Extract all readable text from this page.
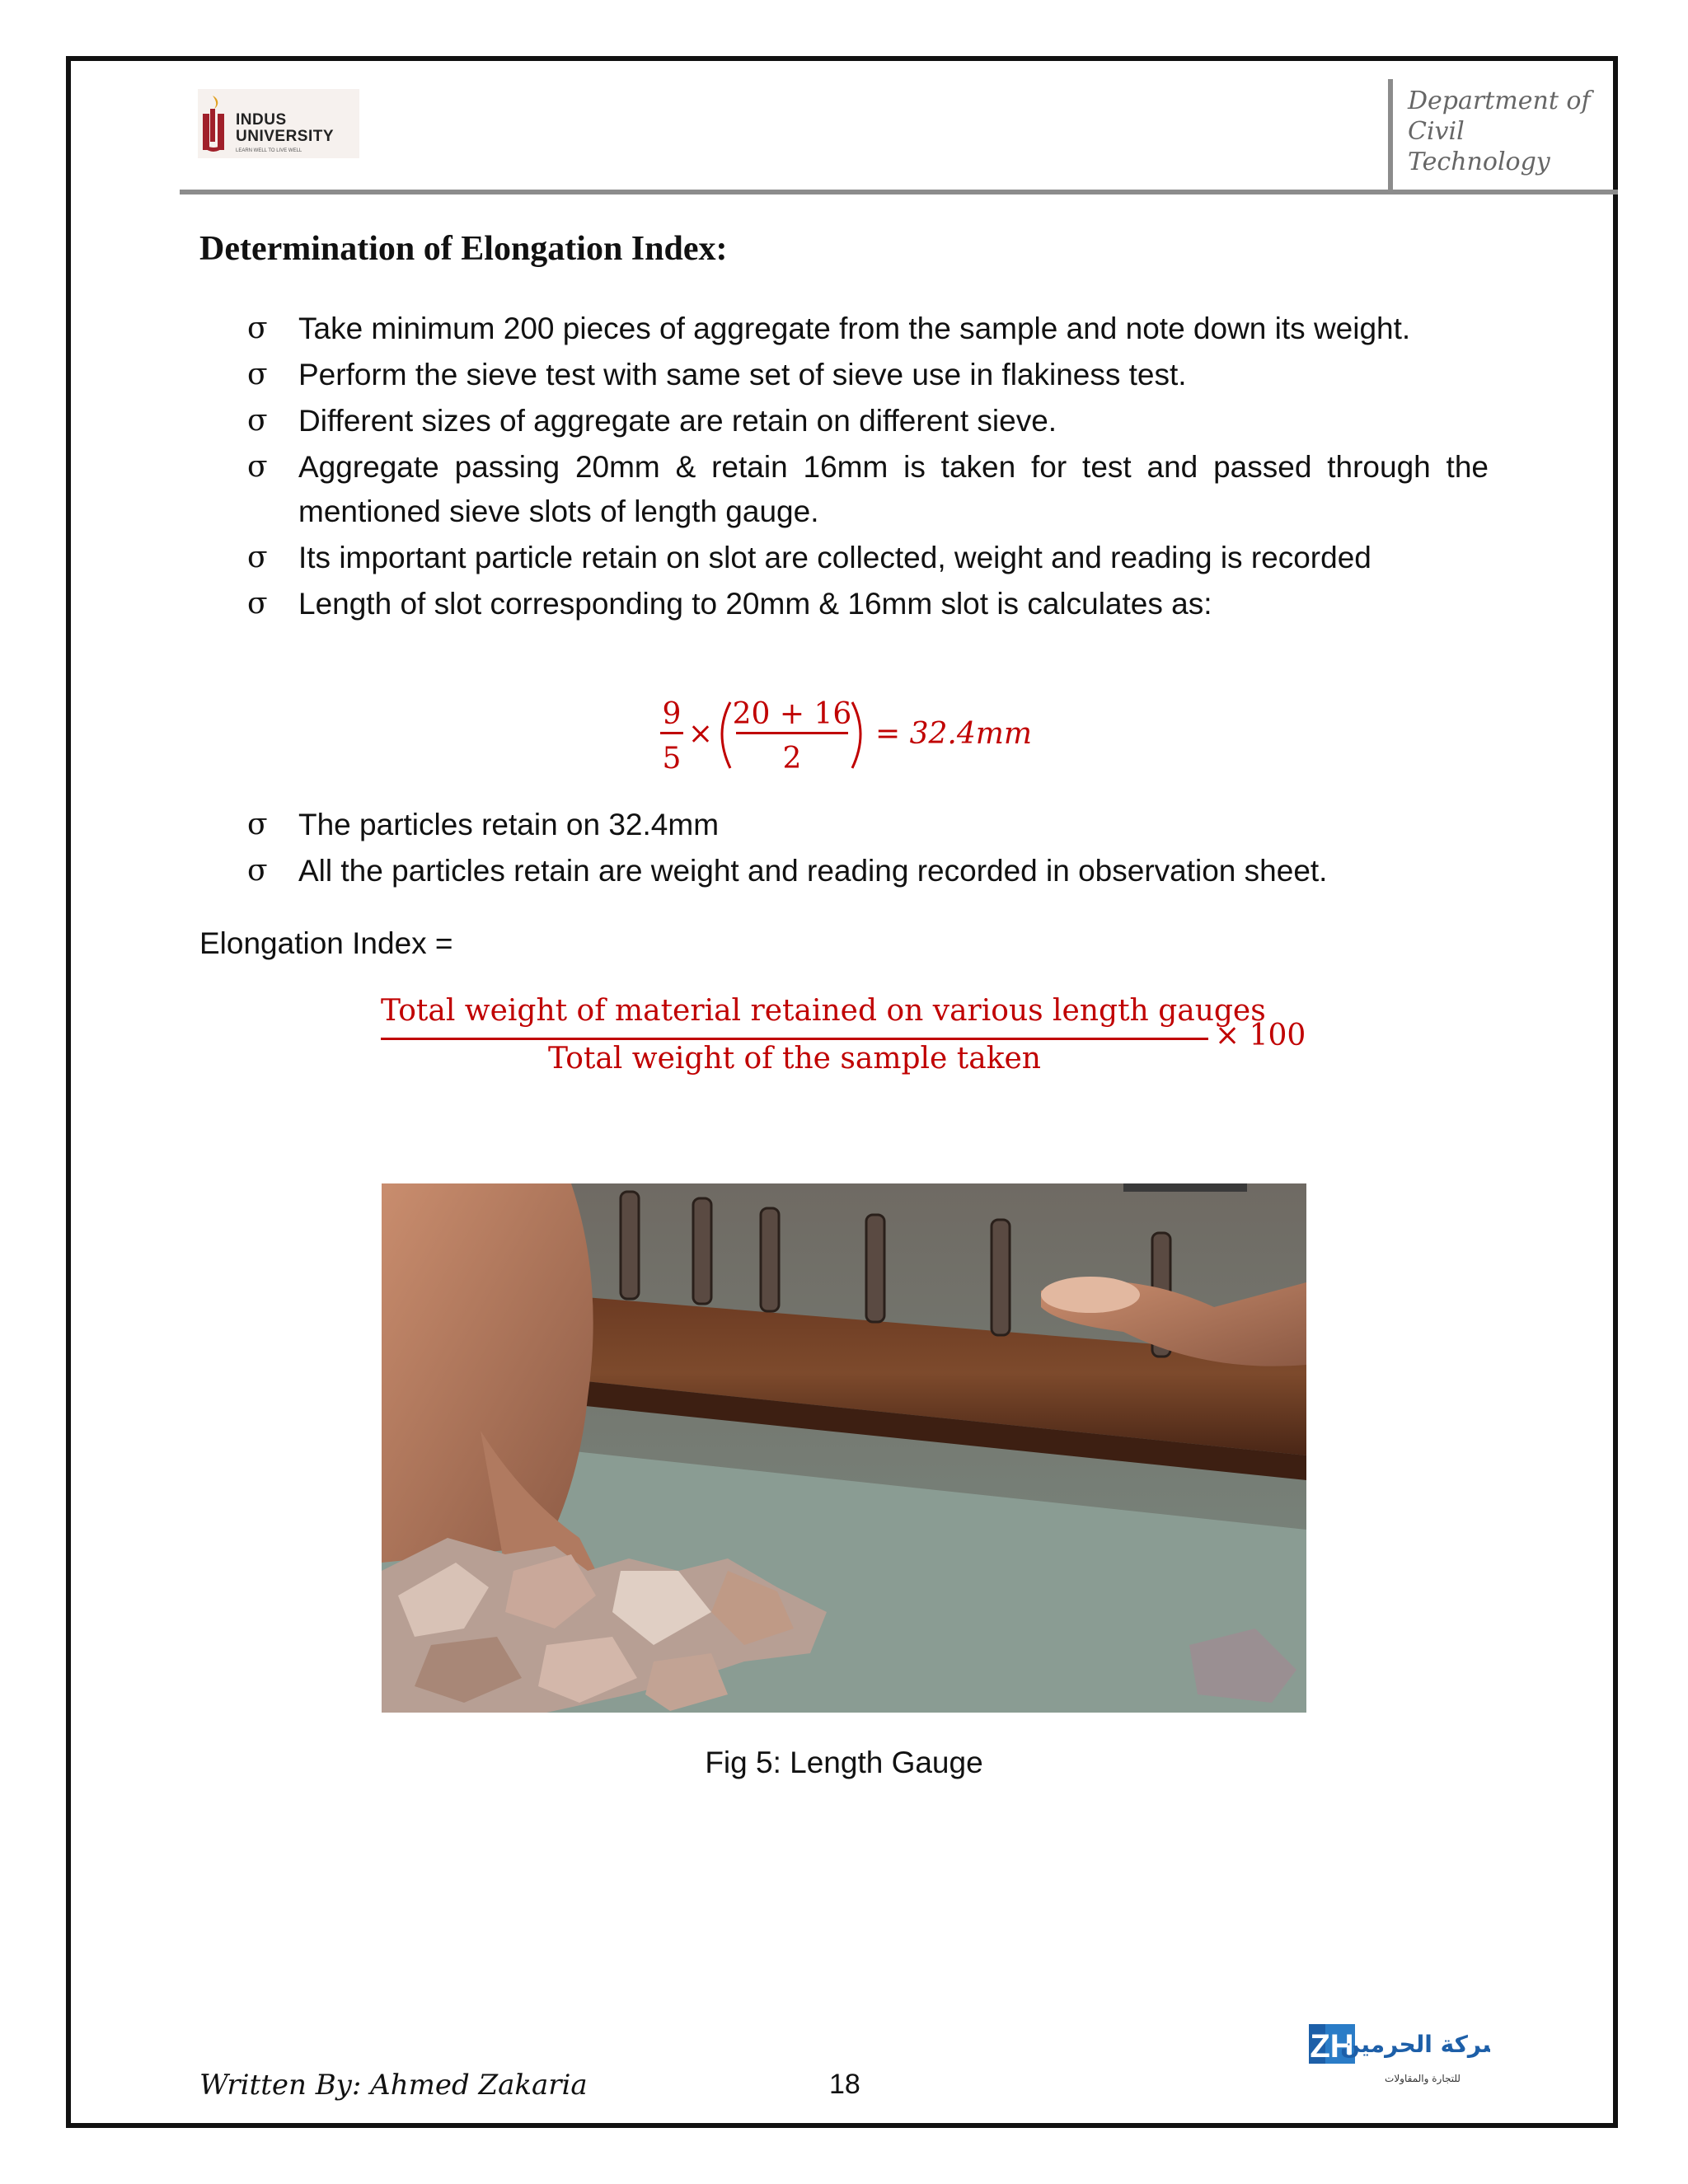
INDUS
UNIVERSITY
LEARN WELL TO LIVE WELL
Department of
Civil
Technology
Determination of Elongation Index:
σ Take minimum 200 pieces of aggregate from the sample and note down its weight.
σ Perform the sieve test with same set of sieve use in flakiness test.
σ Different sizes of aggregate are retain on different sieve.
σ Aggregate passing 20mm & retain 16mm is taken for test and passed through the mentioned sieve slots of length gauge.
σ Its important particle retain on slot are collected, weight and reading is recorded
σ Length of slot corresponding to 20mm & 16mm slot is calculates as:
9
5
×
20 + 16
2
= 32.4mm
σ The particles retain on 32.4mm
σ All the particles retain are weight and reading recorded in observation sheet.
Elongation Index =
Total weight of material retained on various length gauges
Total weight of the sample taken
× 100
Fig 5: Length Gauge
Written By: Ahmed Zakaria	18
ZH
شركة الحرمين
للتجارة والمقاولات
